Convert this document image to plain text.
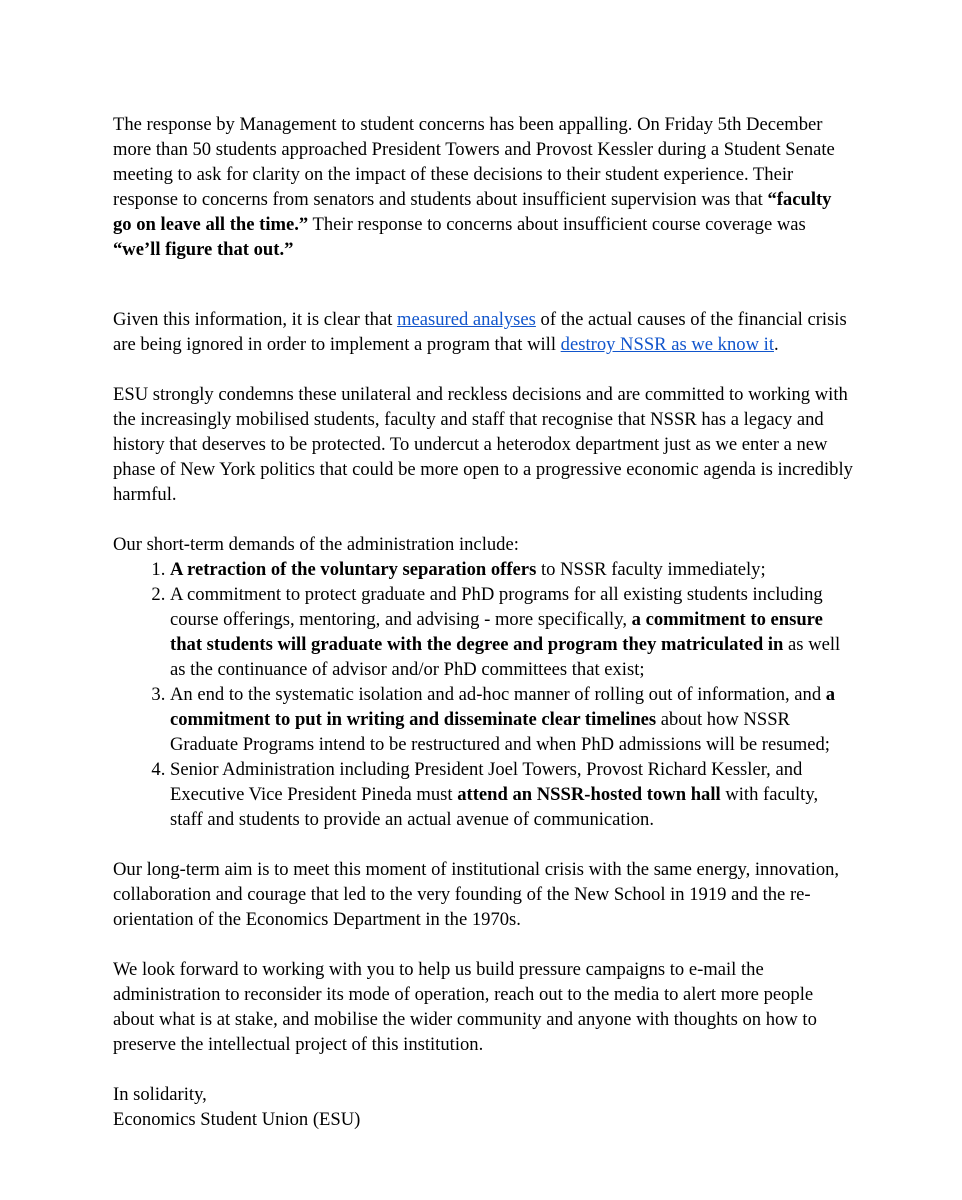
The response by Management to student concerns has been appalling. On Friday 5th December more than 50 students approached President Towers and Provost Kessler during a Student Senate meeting to ask for clarity on the impact of these decisions to their student experience. Their response to concerns from senators and students about insufficient supervision was that “faculty go on leave all the time.” Their response to concerns about insufficient course coverage was “we’ll figure that out.”

Given this information, it is clear that measured analyses of the actual causes of the financial crisis are being ignored in order to implement a program that will destroy NSSR as we know it.

ESU strongly condemns these unilateral and reckless decisions and are committed to working with the increasingly mobilised students, faculty and staff that recognise that NSSR has a legacy and history that deserves to be protected. To undercut a heterodox department just as we enter a new phase of New York politics that could be more open to a progressive economic agenda is incredibly harmful.

Our short-term demands of the administration include:

1. A retraction of the voluntary separation offers to NSSR faculty immediately;
2. A commitment to protect graduate and PhD programs for all existing students including course offerings, mentoring, and advising - more specifically, a commitment to ensure that students will graduate with the degree and program they matriculated in as well as the continuance of advisor and/or PhD committees that exist;
3. An end to the systematic isolation and ad-hoc manner of rolling out of information, and a commitment to put in writing and disseminate clear timelines about how NSSR Graduate Programs intend to be restructured and when PhD admissions will be resumed;
4. Senior Administration including President Joel Towers, Provost Richard Kessler, and Executive Vice President Pineda must attend an NSSR-hosted town hall with faculty, staff and students to provide an actual avenue of communication.

Our long-term aim is to meet this moment of institutional crisis with the same energy, innovation, collaboration and courage that led to the very founding of the New School in 1919 and the re-orientation of the Economics Department in the 1970s.

We look forward to working with you to help us build pressure campaigns to e-mail the administration to reconsider its mode of operation, reach out to the media to alert more people about what is at stake, and mobilise the wider community and anyone with thoughts on how to preserve the intellectual project of this institution.

In solidarity,

Economics Student Union (ESU)
